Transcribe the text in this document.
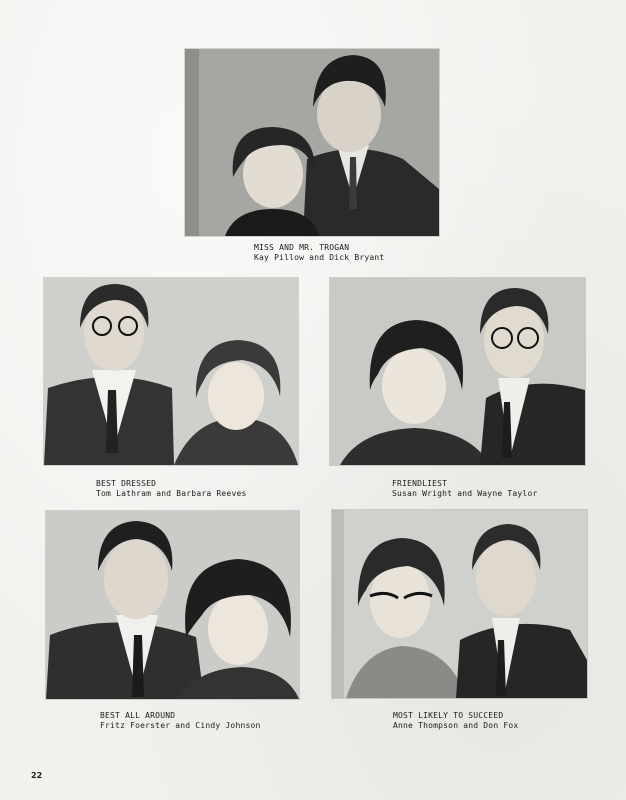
MISS AND MR. TROGAN
Kay Pillow and Dick Bryant
BEST DRESSED
Tom Lathram and Barbara Reeves
FRIENDLIEST
Susan Wright and Wayne Taylor
BEST ALL AROUND
Fritz Foerster and Cindy Johnson
MOST LIKELY TO SUCCEED
Anne Thompson and Don Fox
22
